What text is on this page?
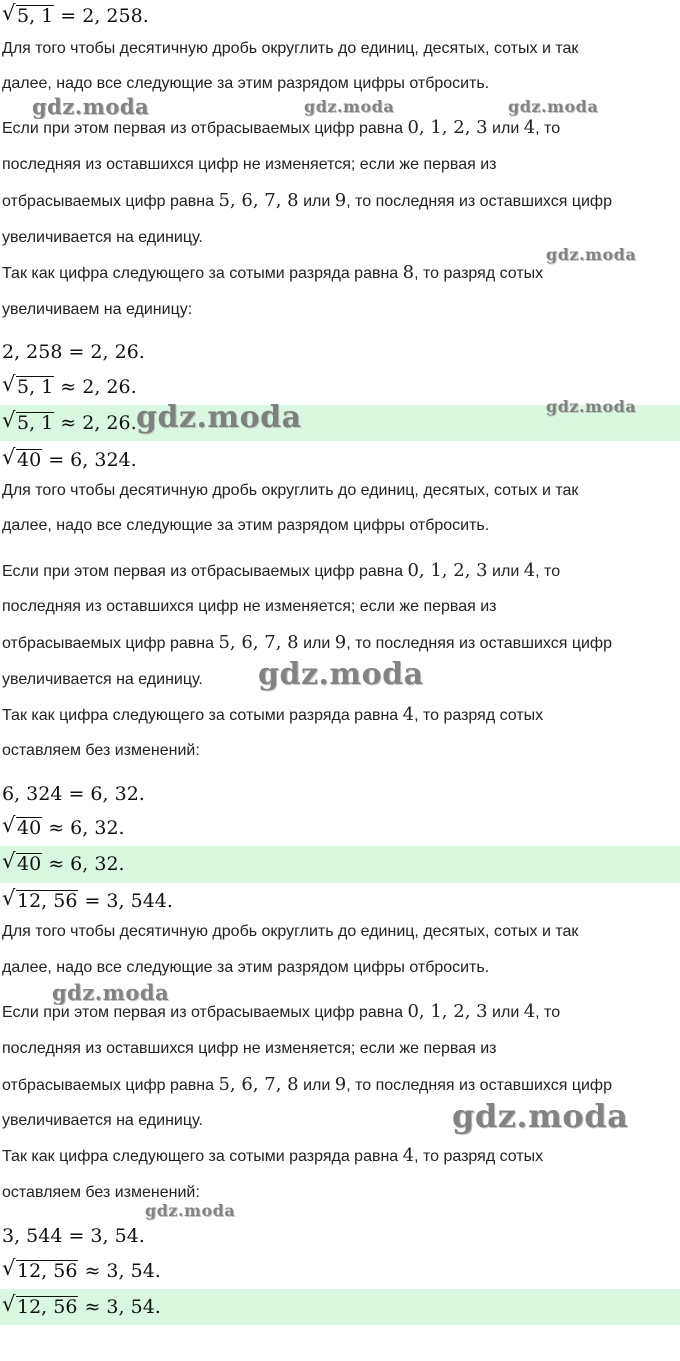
√ 5, 1 = 2, 258.
Для того чтобы десятичную дробь округлить до единиц, десятых, сотых и так
далее, надо все следующие за этим разрядом цифры отбросить.
Если при этом первая из отбрасываемых цифр равна 0, 1, 2, 3 или 4, то
последняя из оставшихся цифр не изменяется; если же первая из
отбрасываемых цифр равна 5, 6, 7, 8 или 9, то последняя из оставшихся цифр
увеличивается на единицу.
Так как цифра следующего за сотыми разряда равна 8, то разряд сотых
увеличиваем на единицу:
2, 258 = 2, 26.
√ 5, 1 ≈ 2, 26.
√ 5, 1 ≈ 2, 26.
√ 40 = 6, 324.
Для того чтобы десятичную дробь округлить до единиц, десятых, сотых и так
далее, надо все следующие за этим разрядом цифры отбросить.
Если при этом первая из отбрасываемых цифр равна 0, 1, 2, 3 или 4, то
последняя из оставшихся цифр не изменяется; если же первая из
отбрасываемых цифр равна 5, 6, 7, 8 или 9, то последняя из оставшихся цифр
увеличивается на единицу.
Так как цифра следующего за сотыми разряда равна 4, то разряд сотых
оставляем без изменений:
6, 324 = 6, 32.
√ 40 ≈ 6, 32.
√ 40 ≈ 6, 32.
√ 12, 56 = 3, 544.
Для того чтобы десятичную дробь округлить до единиц, десятых, сотых и так
далее, надо все следующие за этим разрядом цифры отбросить.
Если при этом первая из отбрасываемых цифр равна 0, 1, 2, 3 или 4, то
последняя из оставшихся цифр не изменяется; если же первая из
отбрасываемых цифр равна 5, 6, 7, 8 или 9, то последняя из оставшихся цифр
увеличивается на единицу.
Так как цифра следующего за сотыми разряда равна 4, то разряд сотых
оставляем без изменений:
3, 544 = 3, 54.
√ 12, 56 ≈ 3, 54.
√ 12, 56 ≈ 3, 54.
gdz.moda	gdz.moda	gdz.moda
gdz.moda
gdz.moda	gdz.moda
gdz.moda
gdz.moda
gdz.moda
gdz.moda
